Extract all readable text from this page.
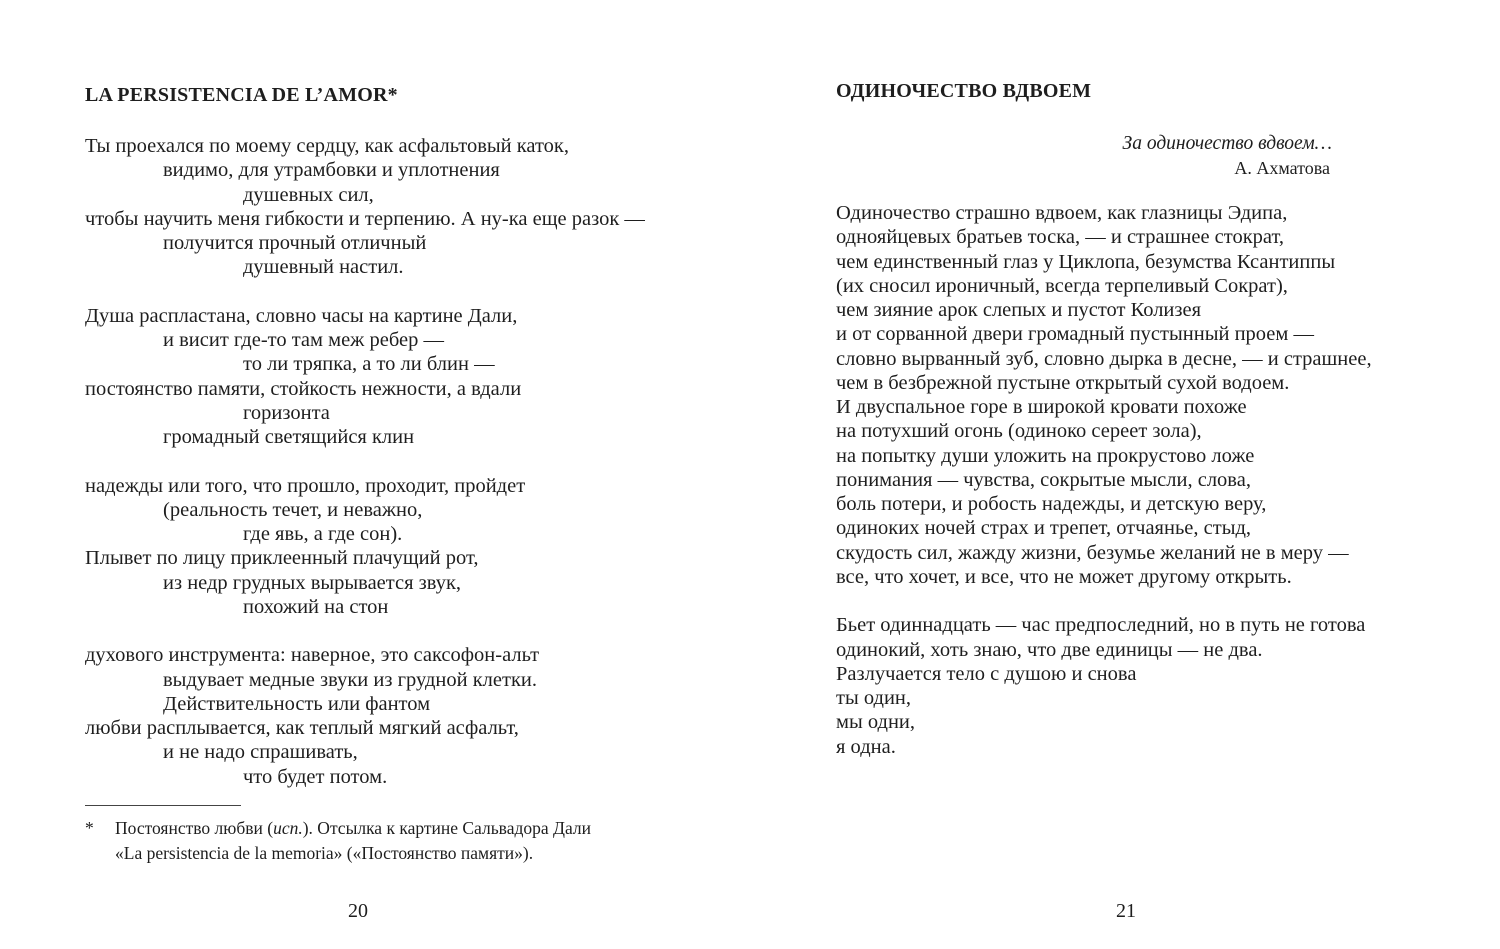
LA PERSISTENCIA DE L’AMOR*
Ты проехался по моему сердцу, как асфальтовый каток,
видимо, для утрамбовки и уплотнения
душевных сил,
чтобы научить меня гибкости и терпению. А ну-ка еще разок —
получится прочный отличный
душевный настил.
Душа распластана, словно часы на картине Дали,
и висит где-то там меж ребер —
то ли тряпка, а то ли блин —
постоянство памяти, стойкость нежности, а вдали
горизонта
громадный светящийся клин
надежды или того, что прошло, проходит, пройдет
(реальность течет, и неважно,
где явь, а где сон).
Плывет по лицу приклеенный плачущий рот,
из недр грудных вырывается звук,
похожий на стон
духового инструмента: наверное, это саксофон-альт
выдувает медные звуки из грудной клетки.
Действительность или фантом
любви расплывается, как теплый мягкий асфальт,
и не надо спрашивать,
что будет потом.
* Постоянство любви (исп.). Отсылка к картине Сальвадора Дали
«La persistencia de la memoria» («Постоянство памяти»).
20
ОДИНОЧЕСТВО ВДВОЕМ
За одиночество вдвоем…
А. Ахматова
Одиночество страшно вдвоем, как глазницы Эдипа,
однояйцевых братьев тоска, — и страшнее стократ,
чем единственный глаз у Циклопа, безумства Ксантиппы
(их сносил ироничный, всегда терпеливый Сократ),
чем зияние арок слепых и пустот Колизея
и от сорванной двери громадный пустынный проем —
словно вырванный зуб, словно дырка в десне, — и страшнее,
чем в безбрежной пустыне открытый сухой водоем.
И двуспальное горе в широкой кровати похоже
на потухший огонь (одиноко сереет зола),
на попытку души уложить на прокрустово ложе
понимания — чувства, сокрытые мысли, слова,
боль потери, и робость надежды, и детскую веру,
одиноких ночей страх и трепет, отчаянье, стыд,
скудость сил, жажду жизни, безумье желаний не в меру —
все, что хочет, и все, что не может другому открыть.
Бьет одиннадцать — час предпоследний, но в путь не готова
одинокий, хоть знаю, что две единицы — не два.
Разлучается тело с душою и снова
ты один,
мы одни,
я одна.
21
